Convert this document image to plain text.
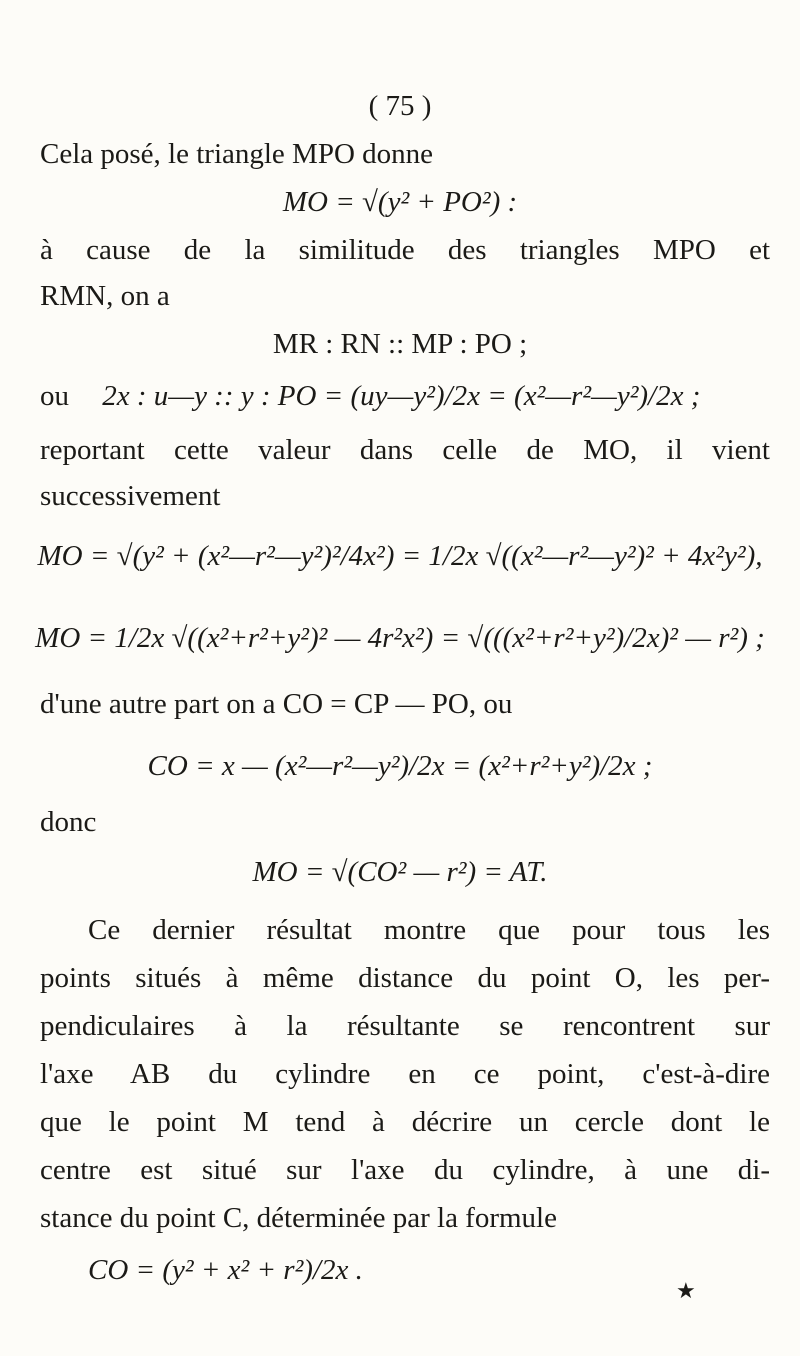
( 75 )
Cela posé, le triangle MPO donne
MO = √(y² + PO²) :
à cause de la similitude des triangles MPO et
RMN, on a
MR : RN :: MP : PO ;
ou 2x : u—y :: y : PO = (uy—y²)/2x = (x²—r²—y²)/2x ;
reportant cette valeur dans celle de MO, il vient
successivement
MO = √(y² + (x²—r²—y²)²/4x²) = 1/2x √((x²—r²—y²)² + 4x²y²),
MO = 1/2x √((x²+r²+y²)² — 4r²x²) = √(((x²+r²+y²)/2x)² — r²) ;
d'une autre part on a CO = CP — PO, ou
CO = x — (x²—r²—y²)/2x = (x²+r²+y²)/2x ;
donc
MO = √(CO² — r²) = AT.
Ce dernier résultat montre que pour tous les
points situés à même distance du point O, les per-
pendiculaires à la résultante se rencontrent sur
l'axe AB du cylindre en ce point, c'est-à-dire
que le point M tend à décrire un cercle dont le
centre est situé sur l'axe du cylindre, à une di-
stance du point C, déterminée par la formule
CO = (y² + x² + r²)/2x .
★
